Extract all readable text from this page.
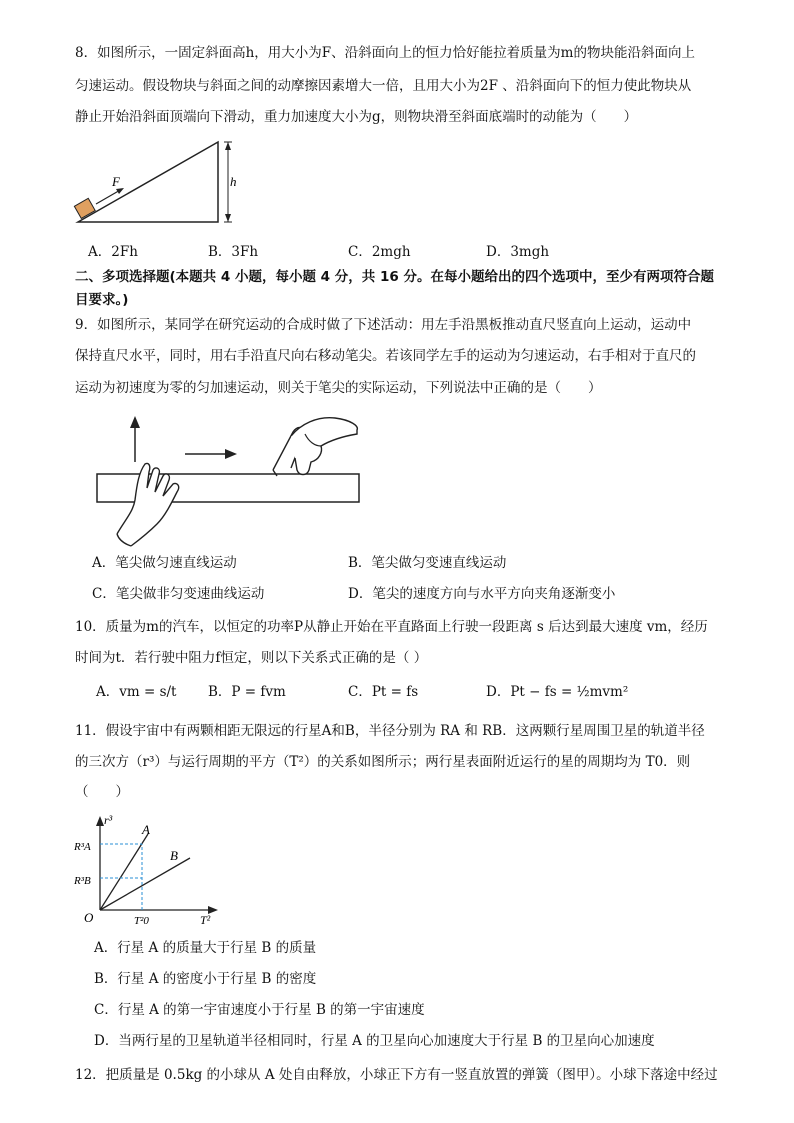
8．如图所示，一固定斜面高h，用大小为F、沿斜面向上的恒力恰好能拉着质量为m的物块能沿斜面向上
匀速运动。假设物块与斜面之间的动摩擦因素增大一倍，且用大小为2F 、沿斜面向下的恒力使此物块从
静止开始沿斜面顶端向下滑动，重力加速度大小为g，则物块滑至斜面底端时的动能为（　　）
F	h
A．2Fh	B．3Fh	C．2mgh	D．3mgh
二、多项选择题(本题共 4 小题，每小题 4 分，共 16 分。在每小题给出的四个选项中，至少有两项符合题
目要求。)
9．如图所示，某同学在研究运动的合成时做了下述活动：用左手沿黑板推动直尺竖直向上运动，运动中
保持直尺水平，同时，用右手沿直尺向右移动笔尖。若该同学左手的运动为匀速运动，右手相对于直尺的
运动为初速度为零的匀加速运动，则关于笔尖的实际运动，下列说法中正确的是（　　）
A．笔尖做匀速直线运动	B．笔尖做匀变速直线运动
C．笔尖做非匀变速曲线运动	D．笔尖的速度方向与水平方向夹角逐渐变小
10．质量为m的汽车，以恒定的功率P从静止开始在平直路面上行驶一段距离 s 后达到最大速度 vm，经历
时间为t．若行驶中阻力f恒定，则以下关系式正确的是（ ）
A．vm = s/t B．P = fvm	C．Pt = fs	D．Pt − fs = ½mvm²
11．假设宇宙中有两颗相距无限远的行星A和B，半径分别为 RA 和 RB．这两颗行星周围卫星的轨道半径
的三次方（r³）与运行周期的平方（T²）的关系如图所示；两行星表面附近运行的星的周期均为 T0．则
（　　）
r³
T²
O
A
B
R³A
R³B
T²0
A．行星 A 的质量大于行星 B 的质量
B．行星 A 的密度小于行星 B 的密度
C．行星 A 的第一宇宙速度小于行星 B 的第一宇宙速度
D．当两行星的卫星轨道半径相同时，行星 A 的卫星向心加速度大于行星 B 的卫星向心加速度
12．把质量是 0.5kg 的小球从 A 处自由释放，小球正下方有一竖直放置的弹簧（图甲）。小球下落途中经过
